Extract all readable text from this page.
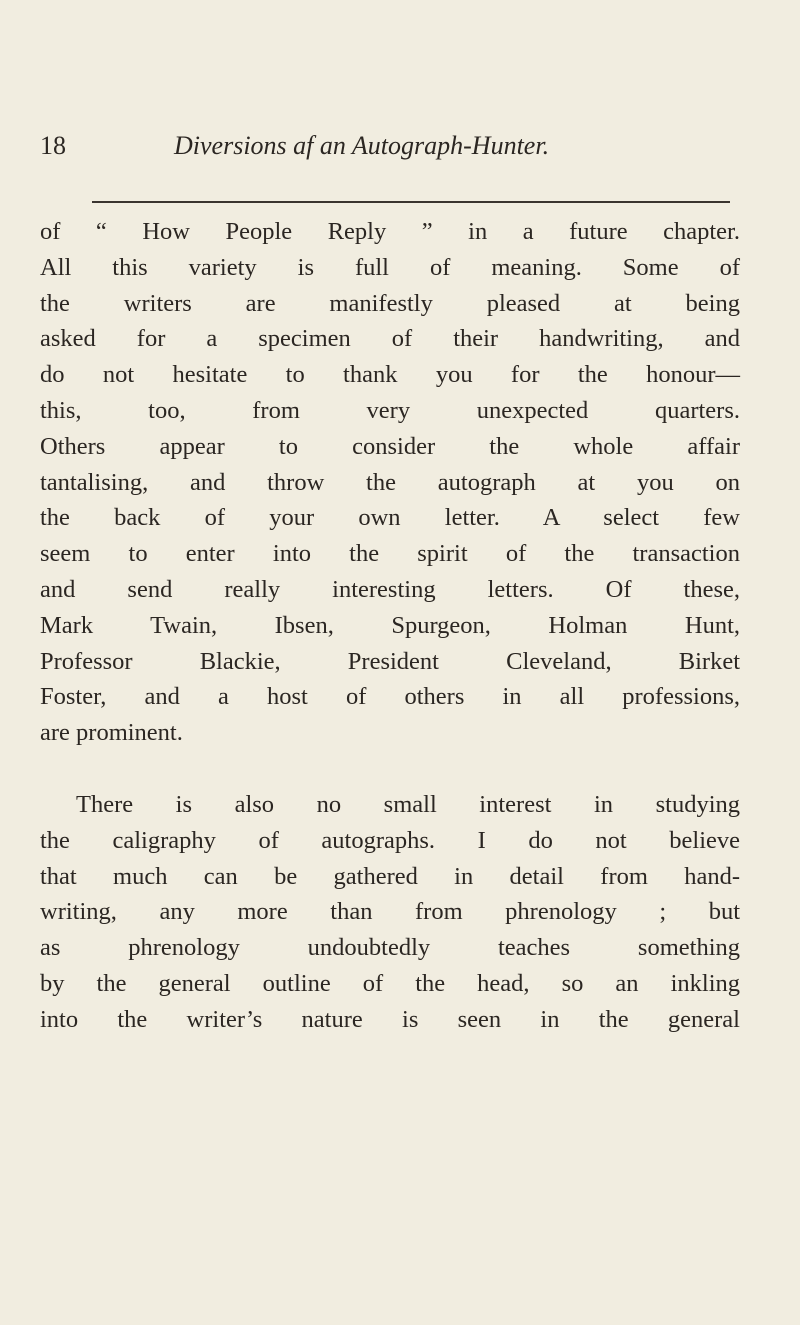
18	Diversions af an Autograph-Hunter.
of “ How People Reply ” in a future chapter.
All this variety is full of meaning. Some of
the writers are manifestly pleased at being
asked for a specimen of their handwriting, and
do not hesitate to thank you for the honour—
this, too, from very unexpected quarters.
Others appear to consider the whole affair
tantalising, and throw the autograph at you on
the back of your own letter. A select few
seem to enter into the spirit of the transaction
and send really interesting letters. Of these,
Mark Twain, Ibsen, Spurgeon, Holman Hunt,
Professor Blackie, President Cleveland, Birket
Foster, and a host of others in all professions,
are prominent.
There is also no small interest in studying
the caligraphy of autographs. I do not believe
that much can be gathered in detail from hand-
writing, any more than from phrenology ; but
as phrenology undoubtedly teaches something
by the general outline of the head, so an inkling
into the writer’s nature is seen in the general
